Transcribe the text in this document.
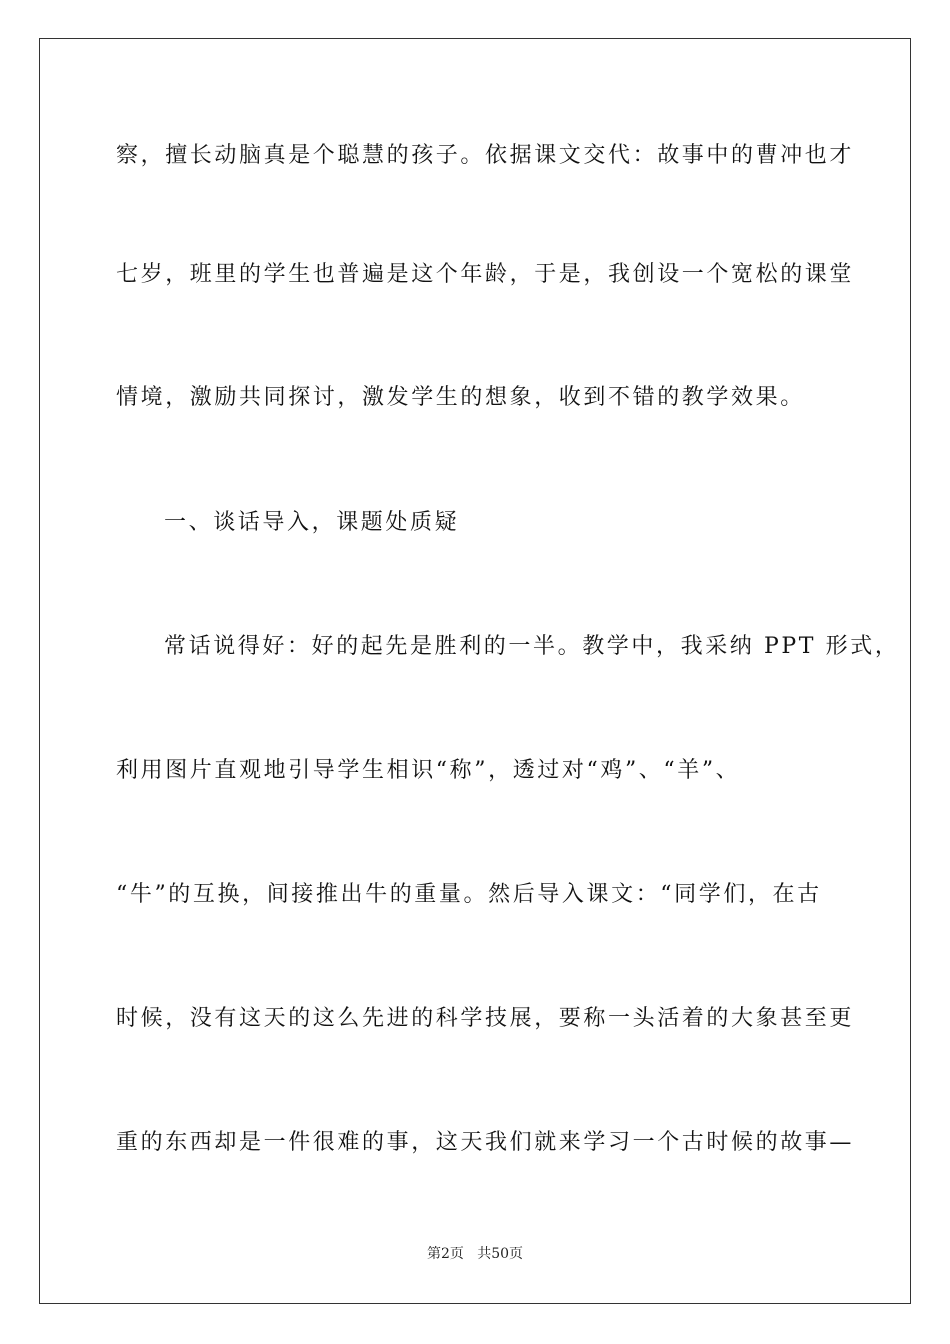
察，擅长动脑真是个聪慧的孩子。依据课文交代：故事中的曹冲也才

七岁，班里的学生也普遍是这个年龄，于是，我创设一个宽松的课堂

情境，激励共同探讨，激发学生的想象，收到不错的教学效果。

一、谈话导入，课题处质疑

常话说得好：好的起先是胜利的一半。教学中，我采纳 PPT 形式，

利用图片直观地引导学生相识“称”，透过对“鸡”、“羊”、

“牛”的互换，间接推出牛的重量。然后导入课文：“同学们，在古

时候，没有这天的这么先进的科学技展，要称一头活着的大象甚至更

重的东西却是一件很难的事，这天我们就来学习一个古时候的故事—

第2页   共50页
